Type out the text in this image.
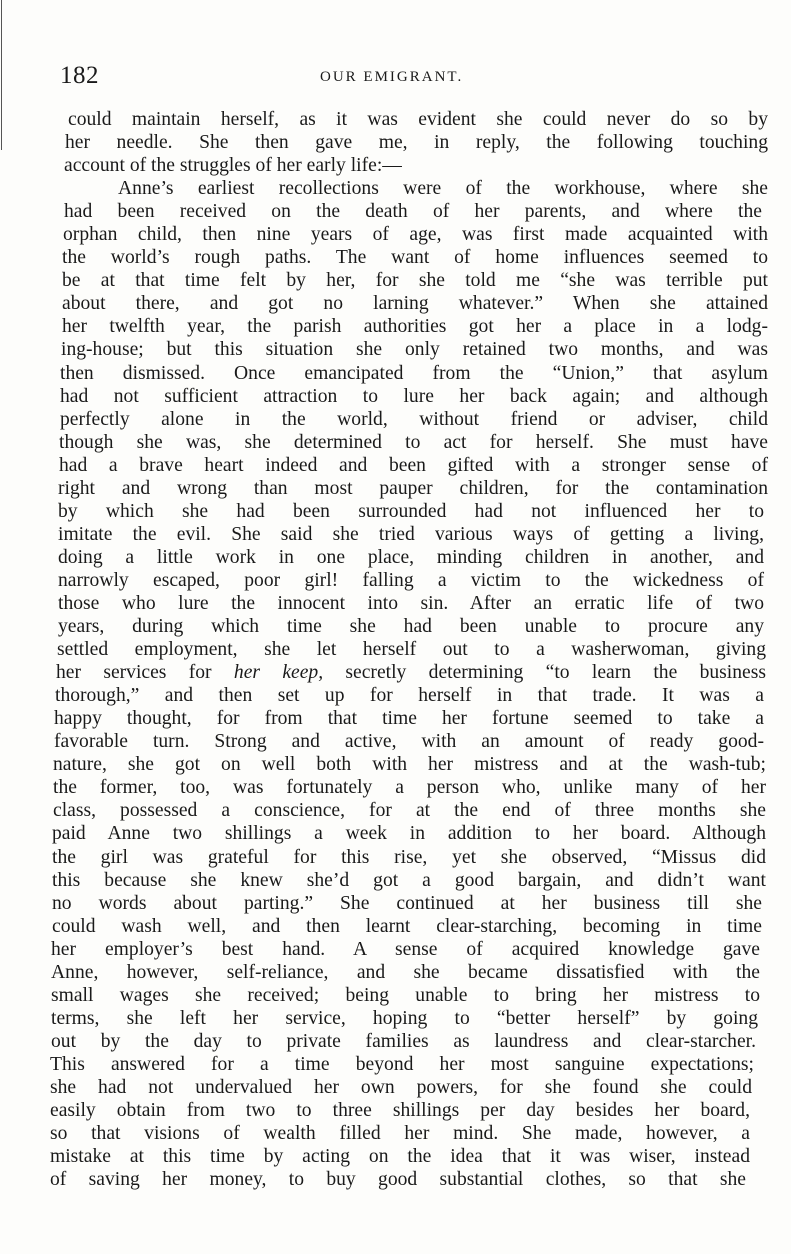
182	OUR EMIGRANT.
could maintain herself, as it was evident she could never do so by
her needle. She then gave me, in reply, the following touching
account of the struggles of her early life:—
Anne’s earliest recollections were of the workhouse, where she
had been received on the death of her parents, and where the
orphan child, then nine years of age, was first made acquainted with
the world’s rough paths. The want of home influences seemed to
be at that time felt by her, for she told me “she was terrible put
about there, and got no larning whatever.” When she attained
her twelfth year, the parish authorities got her a place in a lodg-
ing-house; but this situation she only retained two months, and was
then dismissed. Once emancipated from the “Union,” that asylum
had not sufficient attraction to lure her back again; and although
perfectly alone in the world, without friend or adviser, child
though she was, she determined to act for herself. She must have
had a brave heart indeed and been gifted with a stronger sense of
right and wrong than most pauper children, for the contamination
by which she had been surrounded had not influenced her to
imitate the evil. She said she tried various ways of getting a living,
doing a little work in one place, minding children in another, and
narrowly escaped, poor girl! falling a victim to the wickedness of
those who lure the innocent into sin. After an erratic life of two
years, during which time she had been unable to procure any
settled employment, she let herself out to a washerwoman, giving
her services for her keep, secretly determining “to learn the business
thorough,” and then set up for herself in that trade. It was a
happy thought, for from that time her fortune seemed to take a
favorable turn. Strong and active, with an amount of ready good-
nature, she got on well both with her mistress and at the wash-tub;
the former, too, was fortunately a person who, unlike many of her
class, possessed a conscience, for at the end of three months she
paid Anne two shillings a week in addition to her board. Although
the girl was grateful for this rise, yet she observed, “Missus did
this because she knew she’d got a good bargain, and didn’t want
no words about parting.” She continued at her business till she
could wash well, and then learnt clear-starching, becoming in time
her employer’s best hand. A sense of acquired knowledge gave
Anne, however, self-reliance, and she became dissatisfied with the
small wages she received; being unable to bring her mistress to
terms, she left her service, hoping to “better herself” by going
out by the day to private families as laundress and clear-starcher.
This answered for a time beyond her most sanguine expectations;
she had not undervalued her own powers, for she found she could
easily obtain from two to three shillings per day besides her board,
so that visions of wealth filled her mind. She made, however, a
mistake at this time by acting on the idea that it was wiser, instead
of saving her money, to buy good substantial clothes, so that she
